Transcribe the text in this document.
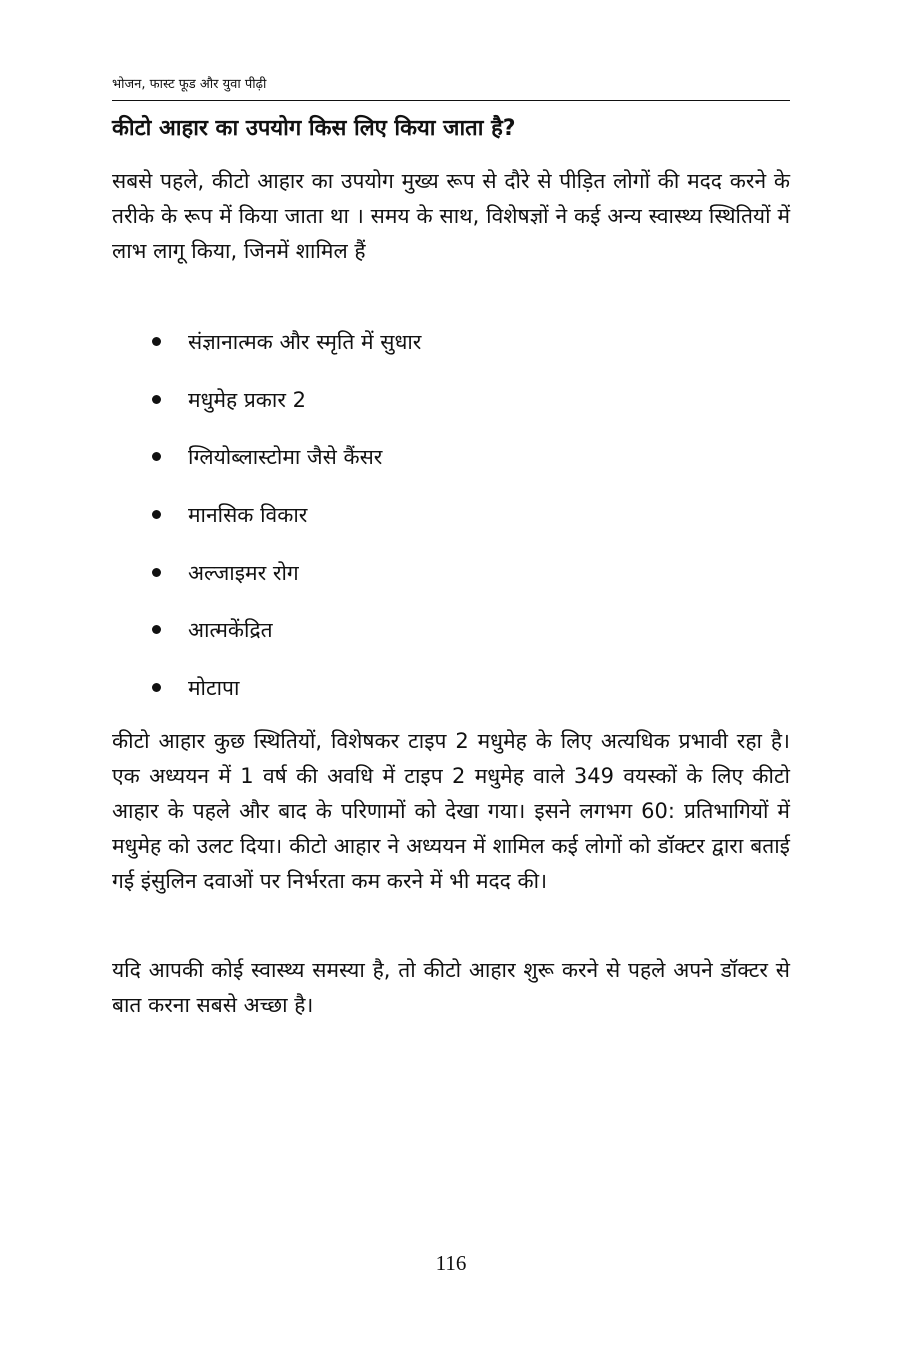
भोजन, फास्ट फूड और युवा पीढ़ी
कीटो आहार का उपयोग किस लिए किया जाता है?

सबसे पहले, कीटो आहार का उपयोग मुख्य रूप से दौरे से पीड़ित लोगों की मदद करने के तरीके के रूप में किया जाता था । समय के साथ, विशेषज्ञों ने कई अन्य स्वास्थ्य स्थितियों में लाभ लागू किया, जिनमें शामिल हैं

संज्ञानात्मक और स्मृति में सुधार
मधुमेह प्रकार 2
ग्लियोब्लास्टोमा जैसे कैंसर
मानसिक विकार
अल्जाइमर रोग
आत्मकेंद्रित
मोटापा

कीटो आहार कुछ स्थितियों, विशेषकर टाइप 2 मधुमेह के लिए अत्यधिक प्रभावी रहा है। एक अध्ययन में 1 वर्ष की अवधि में टाइप 2 मधुमेह वाले 349 वयस्कों के लिए कीटो आहार के पहले और बाद के परिणामों को देखा गया। इसने लगभग 60: प्रतिभागियों में मधुमेह को उलट दिया। कीटो आहार ने अध्ययन में शामिल कई लोगों को डॉक्टर द्वारा बताई गई इंसुलिन दवाओं पर निर्भरता कम करने में भी मदद की।

यदि आपकी कोई स्वास्थ्य समस्या है, तो कीटो आहार शुरू करने से पहले अपने डॉक्टर से बात करना सबसे अच्छा है।

116
